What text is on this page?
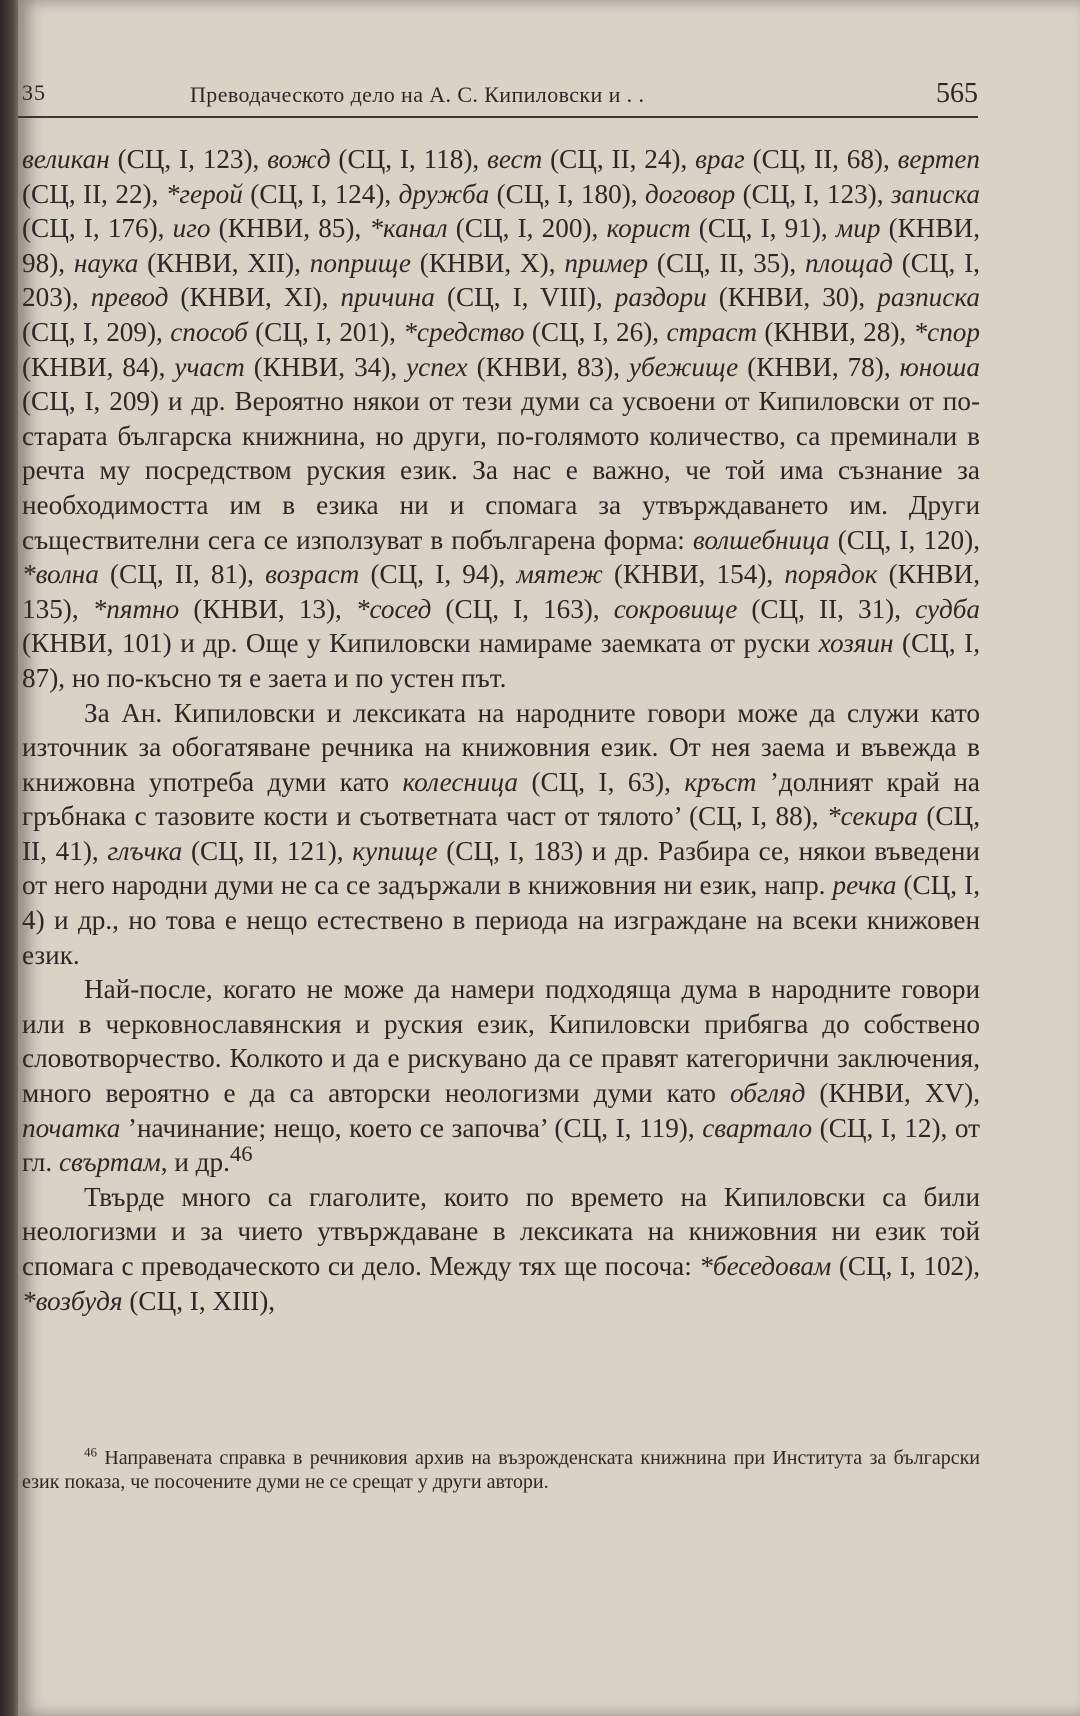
35	Преводаческото дело на А. С. Кипиловски и . .	565

великан (СЦ, I, 123), вожд (СЦ, I, 118), вест (СЦ, II, 24), враг (СЦ, II, 68), вертеп (СЦ, II, 22), *герой (СЦ, I, 124), дружба (СЦ, I, 180), договор (СЦ, I, 123), записка (СЦ, I, 176), иго (КНВИ, 85), *канал (СЦ, I, 200), корист (СЦ, I, 91), мир (КНВИ, 98), наука (КНВИ, XII), поприще (КНВИ, X), пример (СЦ, II, 35), площад (СЦ, I, 203), превод (КНВИ, XI), причина (СЦ, I, VIII), раздори (КНВИ, 30), разписка (СЦ, I, 209), способ (СЦ, I, 201), *средство (СЦ, I, 26), страст (КНВИ, 28), *спор (КНВИ, 84), участ (КНВИ, 34), успех (КНВИ, 83), убежище (КНВИ, 78), юноша (СЦ, I, 209) и др. Вероятно някои от тези думи са усвоени от Кипиловски от по-старата българска книжнина, но други, по-голямото количество, са преминали в речта му посредством руския език. За нас е важно, че той има съзнание за необходимостта им в езика ни и спомага за утвърждаването им. Други съществителни сега се използуват в побългарена форма: волшебница (СЦ, I, 120), *волна (СЦ, II, 81), возраст (СЦ, I, 94), мятеж (КНВИ, 154), порядок (КНВИ, 135), *пятно (КНВИ, 13), *сосед (СЦ, I, 163), сокровище (СЦ, II, 31), судба (КНВИ, 101) и др. Още у Кипиловски намираме заемката от руски хозяин (СЦ, I, 87), но по-късно тя е заета и по устен път.

За Ан. Кипиловски и лексиката на народните говори може да служи като източник за обогатяване речника на книжовния език. От нея заема и въвежда в книжовна употреба думи като колесница (СЦ, I, 63), кръст ’долният край на гръбнака с тазовите кости и съответната част от тялото’ (СЦ, I, 88), *секира (СЦ, II, 41), глъчка (СЦ, II, 121), купище (СЦ, I, 183) и др. Разбира се, някои въведени от него народни думи не са се задържали в книжовния ни език, напр. речка (СЦ, I, 4) и др., но това е нещо естествено в периода на изграждане на всеки книжовен език.

Най-после, когато не може да намери подходяща дума в народните говори или в черковнославянския и руския език, Кипиловски прибягва до собствено словотворчество. Колкото и да е рискувано да се правят категорични заключения, много вероятно е да са авторски неологизми думи като обгляд (КНВИ, XV), початка ’начинание; нещо, което се започва’ (СЦ, I, 119), свартало (СЦ, I, 12), от гл. свъртам, и др.$^{46}$

Твърде много са глаголите, които по времето на Кипиловски са били неологизми и за чието утвърждаване в лексиката на книжовния ни език той спомага с преводаческото си дело. Между тях ще посоча: *беседовам (СЦ, I, 102), *возбудя (СЦ, I, XIII),

$^{46}$ Направената справка в речниковия архив на възрожденската книжнина при Института за български език показа, че посочените думи не се срещат у други автори.
